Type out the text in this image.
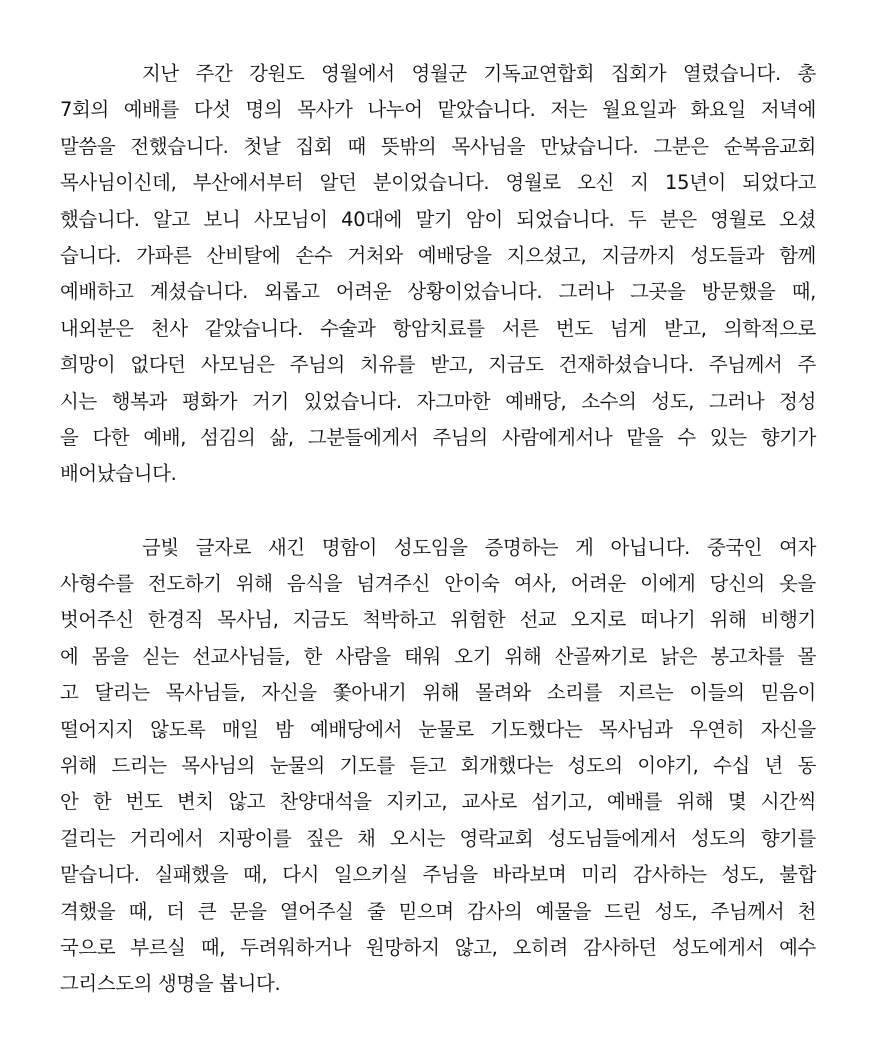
지난 주간 강원도 영월에서 영월군 기독교연합회 집회가 열렸습니다. 총
7회의 예배를 다섯 명의 목사가 나누어 맡았습니다. 저는 월요일과 화요일 저녁에
말씀을 전했습니다. 첫날 집회 때 뜻밖의 목사님을 만났습니다. 그분은 순복음교회
목사님이신데, 부산에서부터 알던 분이었습니다. 영월로 오신 지 15년이 되었다고
했습니다. 알고 보니 사모님이 40대에 말기 암이 되었습니다. 두 분은 영월로 오셨
습니다. 가파른 산비탈에 손수 거처와 예배당을 지으셨고, 지금까지 성도들과 함께
예배하고 계셨습니다. 외롭고 어려운 상황이었습니다. 그러나 그곳을 방문했을 때,
내외분은 천사 같았습니다. 수술과 항암치료를 서른 번도 넘게 받고, 의학적으로
희망이 없다던 사모님은 주님의 치유를 받고, 지금도 건재하셨습니다. 주님께서 주
시는 행복과 평화가 거기 있었습니다. 자그마한 예배당, 소수의 성도, 그러나 정성
을 다한 예배, 섬김의 삶, 그분들에게서 주님의 사람에게서나 맡을 수 있는 향기가
배어났습니다.
금빛 글자로 새긴 명함이 성도임을 증명하는 게 아닙니다. 중국인 여자
사형수를 전도하기 위해 음식을 넘겨주신 안이숙 여사, 어려운 이에게 당신의 옷을
벗어주신 한경직 목사님, 지금도 척박하고 위험한 선교 오지로 떠나기 위해 비행기
에 몸을 싣는 선교사님들, 한 사람을 태워 오기 위해 산골짜기로 낡은 봉고차를 몰
고 달리는 목사님들, 자신을 쫓아내기 위해 몰려와 소리를 지르는 이들의 믿음이
떨어지지 않도록 매일 밤 예배당에서 눈물로 기도했다는 목사님과 우연히 자신을
위해 드리는 목사님의 눈물의 기도를 듣고 회개했다는 성도의 이야기, 수십 년 동
안 한 번도 변치 않고 찬양대석을 지키고, 교사로 섬기고, 예배를 위해 몇 시간씩
걸리는 거리에서 지팡이를 짚은 채 오시는 영락교회 성도님들에게서 성도의 향기를
맡습니다. 실패했을 때, 다시 일으키실 주님을 바라보며 미리 감사하는 성도, 불합
격했을 때, 더 큰 문을 열어주실 줄 믿으며 감사의 예물을 드린 성도, 주님께서 천
국으로 부르실 때, 두려워하거나 원망하지 않고, 오히려 감사하던 성도에게서 예수
그리스도의 생명을 봅니다.
